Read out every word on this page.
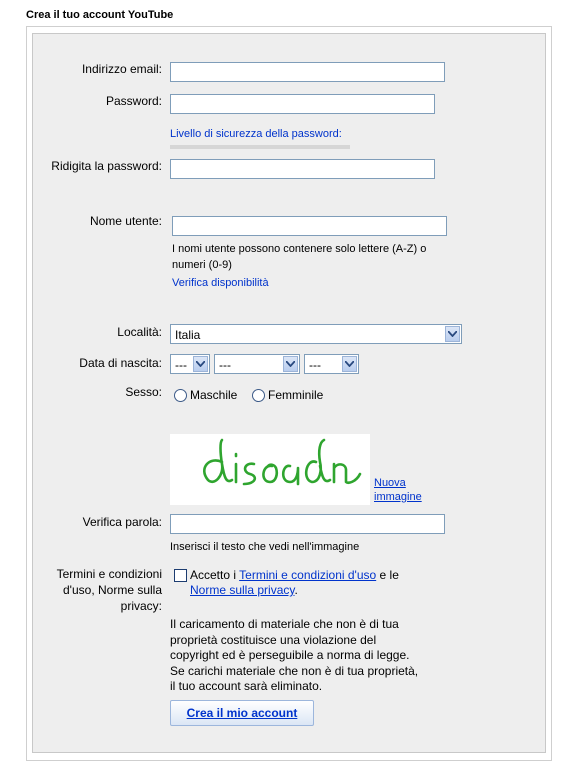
Crea il tuo account YouTube
Indirizzo email:
Password:
Livello di sicurezza della password:
Ridigita la password:
Nome utente:
I nomi utente possono contenere solo lettere (A-Z) o numeri (0-9)
Verifica disponibilità
Località: Italia
Data di nascita: ---	---	---
Sesso: Maschile	Femminile
Nuova immagine
Verifica parola:
Inserisci il testo che vedi nell'immagine
Termini e condizioni d'uso, Norme sulla privacy:
Accetto i Termini e condizioni d'uso e le Norme sulla privacy.
Il caricamento di materiale che non è di tua proprietà costituisce una violazione del copyright ed è perseguibile a norma di legge. Se carichi materiale che non è di tua proprietà, il tuo account sarà eliminato.
Crea il mio account
